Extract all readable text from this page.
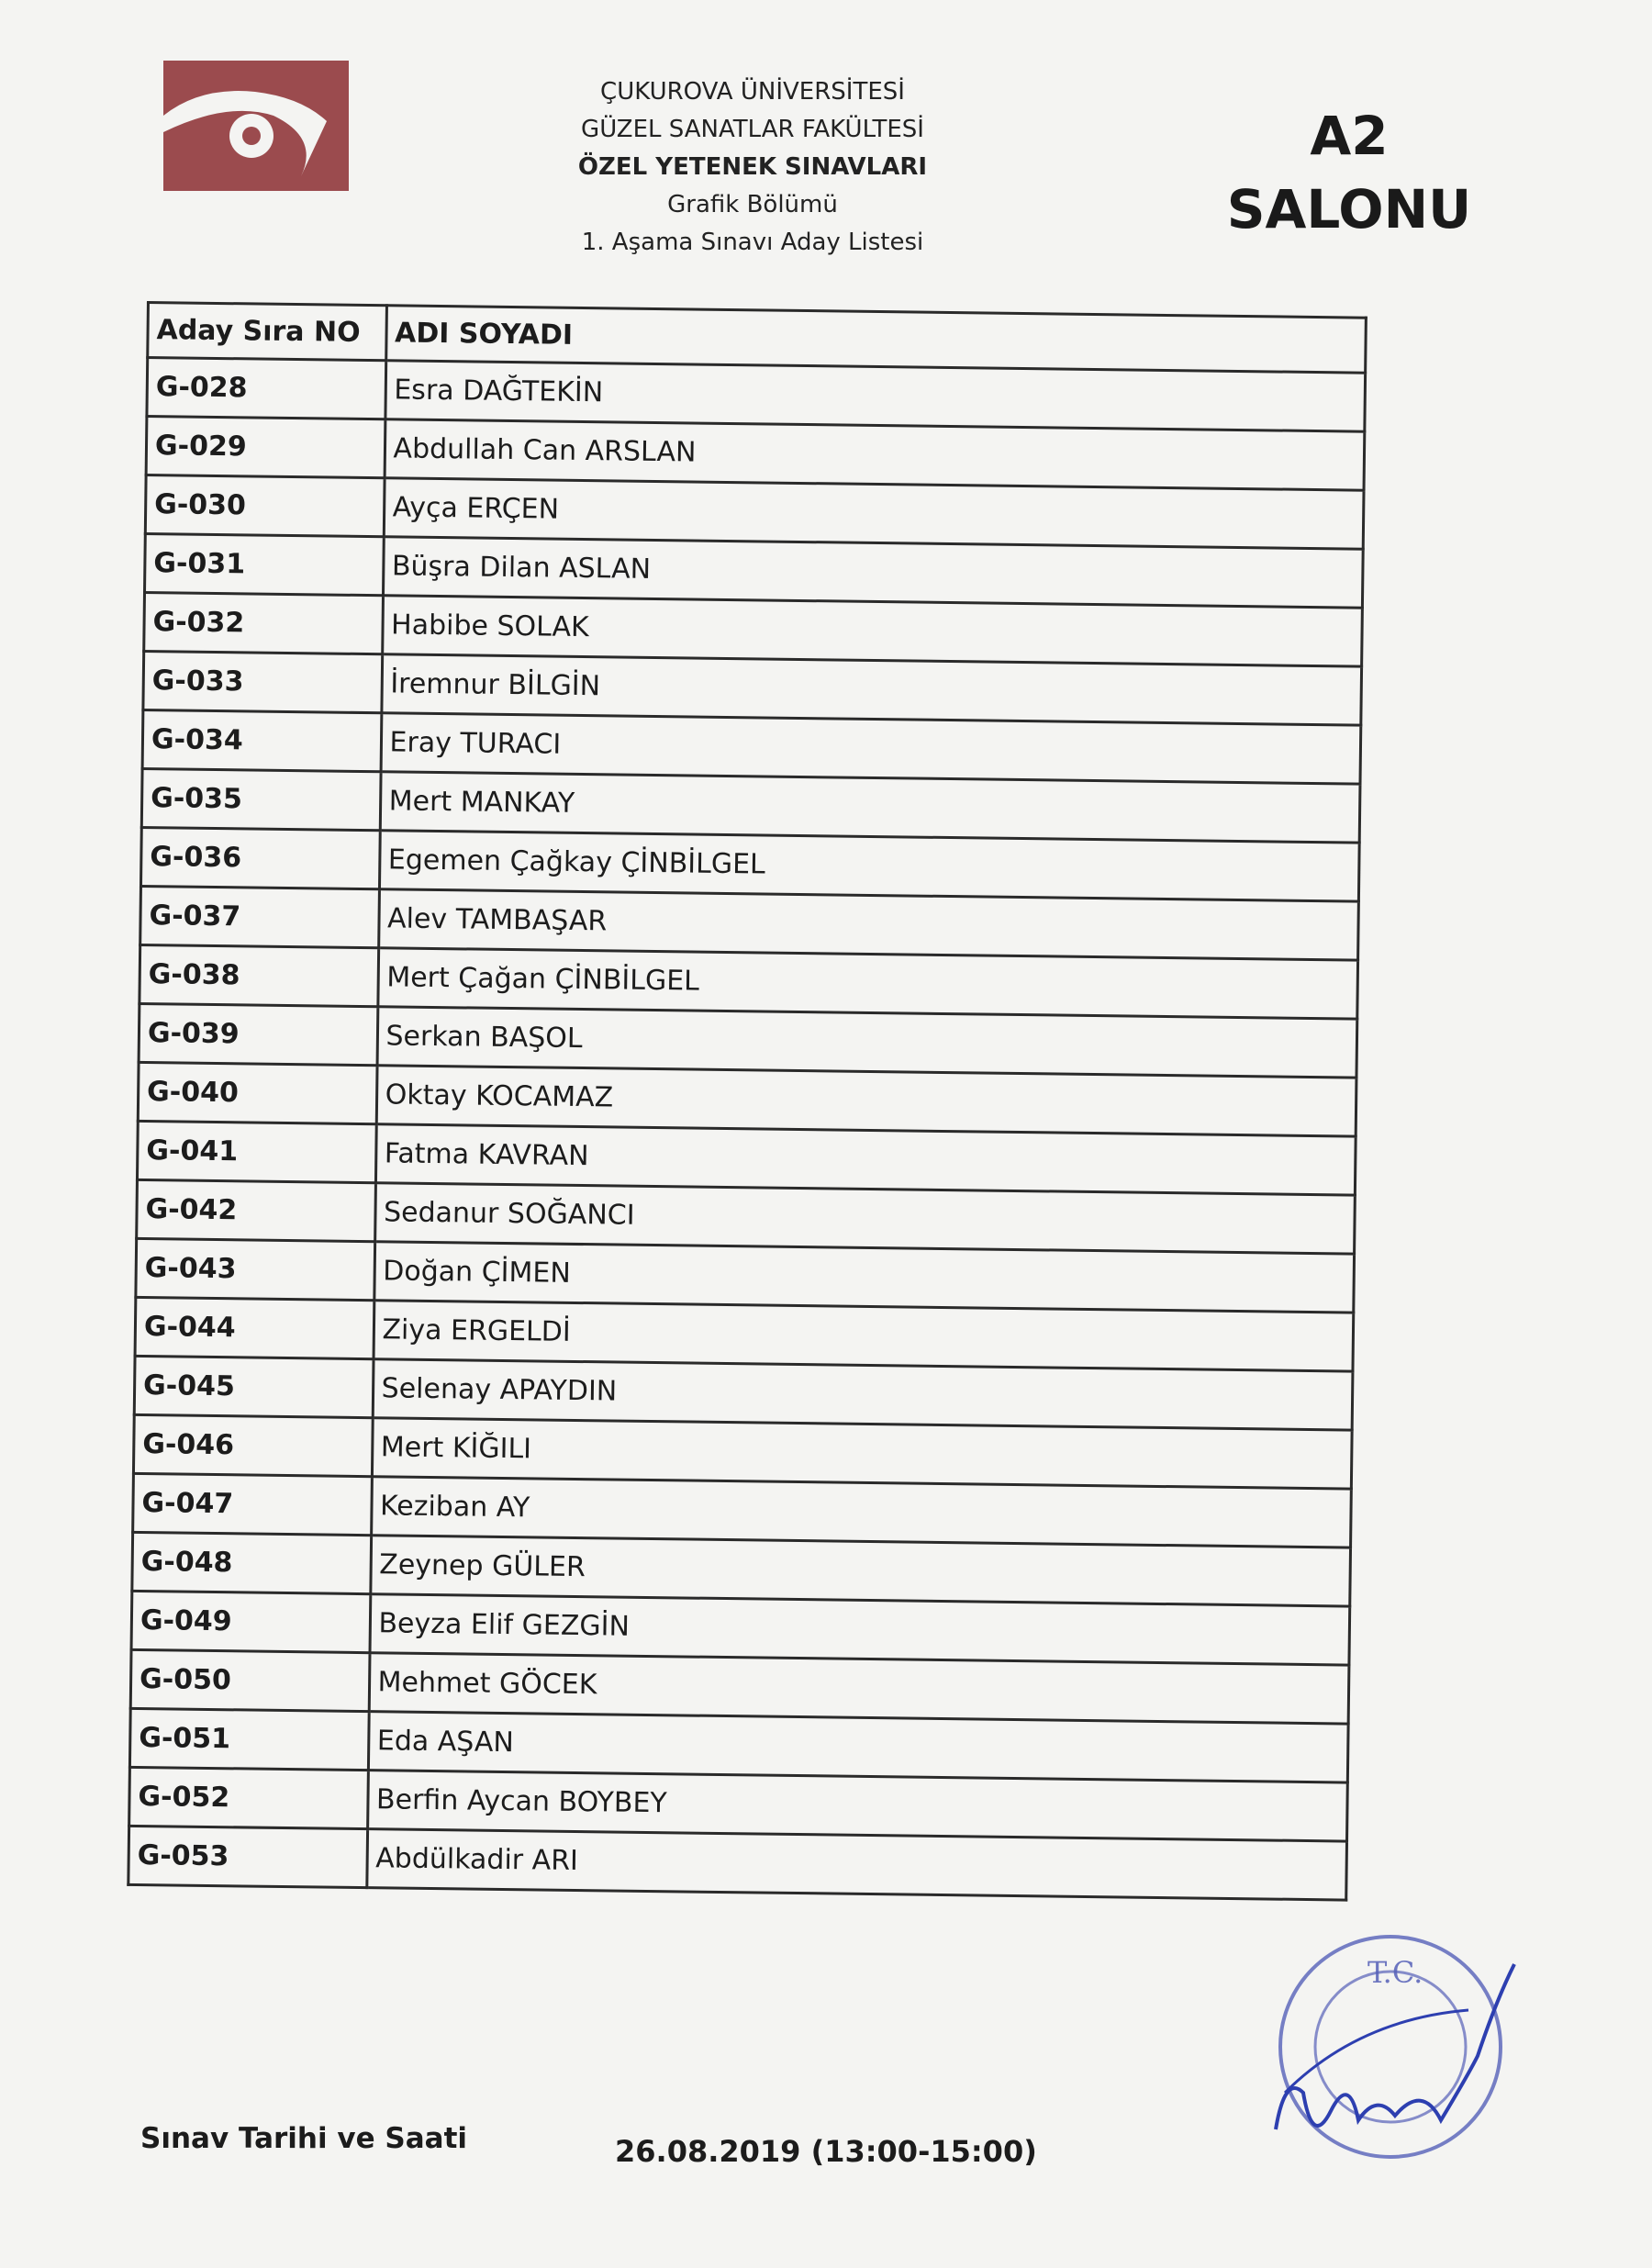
ÇUKUROVA ÜNİVERSİTESİ
GÜZEL SANATLAR FAKÜLTESİ
ÖZEL YETENEK SINAVLARI
Grafik Bölümü
1. Aşama Sınavı Aday Listesi
A2
SALONU
Aday Sıra NO	ADI SOYADI
G-028	Esra DAĞTEKİN
G-029	Abdullah Can ARSLAN
G-030	Ayça ERÇEN
G-031	Büşra Dilan ASLAN
G-032	Habibe SOLAK
G-033	İremnur BİLGİN
G-034	Eray TURACI
G-035	Mert MANKAY
G-036	Egemen Çağkay ÇİNBİLGEL
G-037	Alev TAMBAŞAR
G-038	Mert Çağan ÇİNBİLGEL
G-039	Serkan BAŞOL
G-040	Oktay KOCAMAZ
G-041	Fatma KAVRAN
G-042	Sedanur SOĞANCI
G-043	Doğan ÇİMEN
G-044	Ziya ERGELDİ
G-045	Selenay APAYDIN
G-046	Mert KİĞILI
G-047	Keziban AY
G-048	Zeynep GÜLER
G-049	Beyza Elif GEZGİN
G-050	Mehmet GÖCEK
G-051	Eda AŞAN
G-052	Berfin Aycan BOYBEY
G-053	Abdülkadir ARI
Sınav Tarihi ve Saati	26.08.2019 (13:00-15:00)
T.C.
